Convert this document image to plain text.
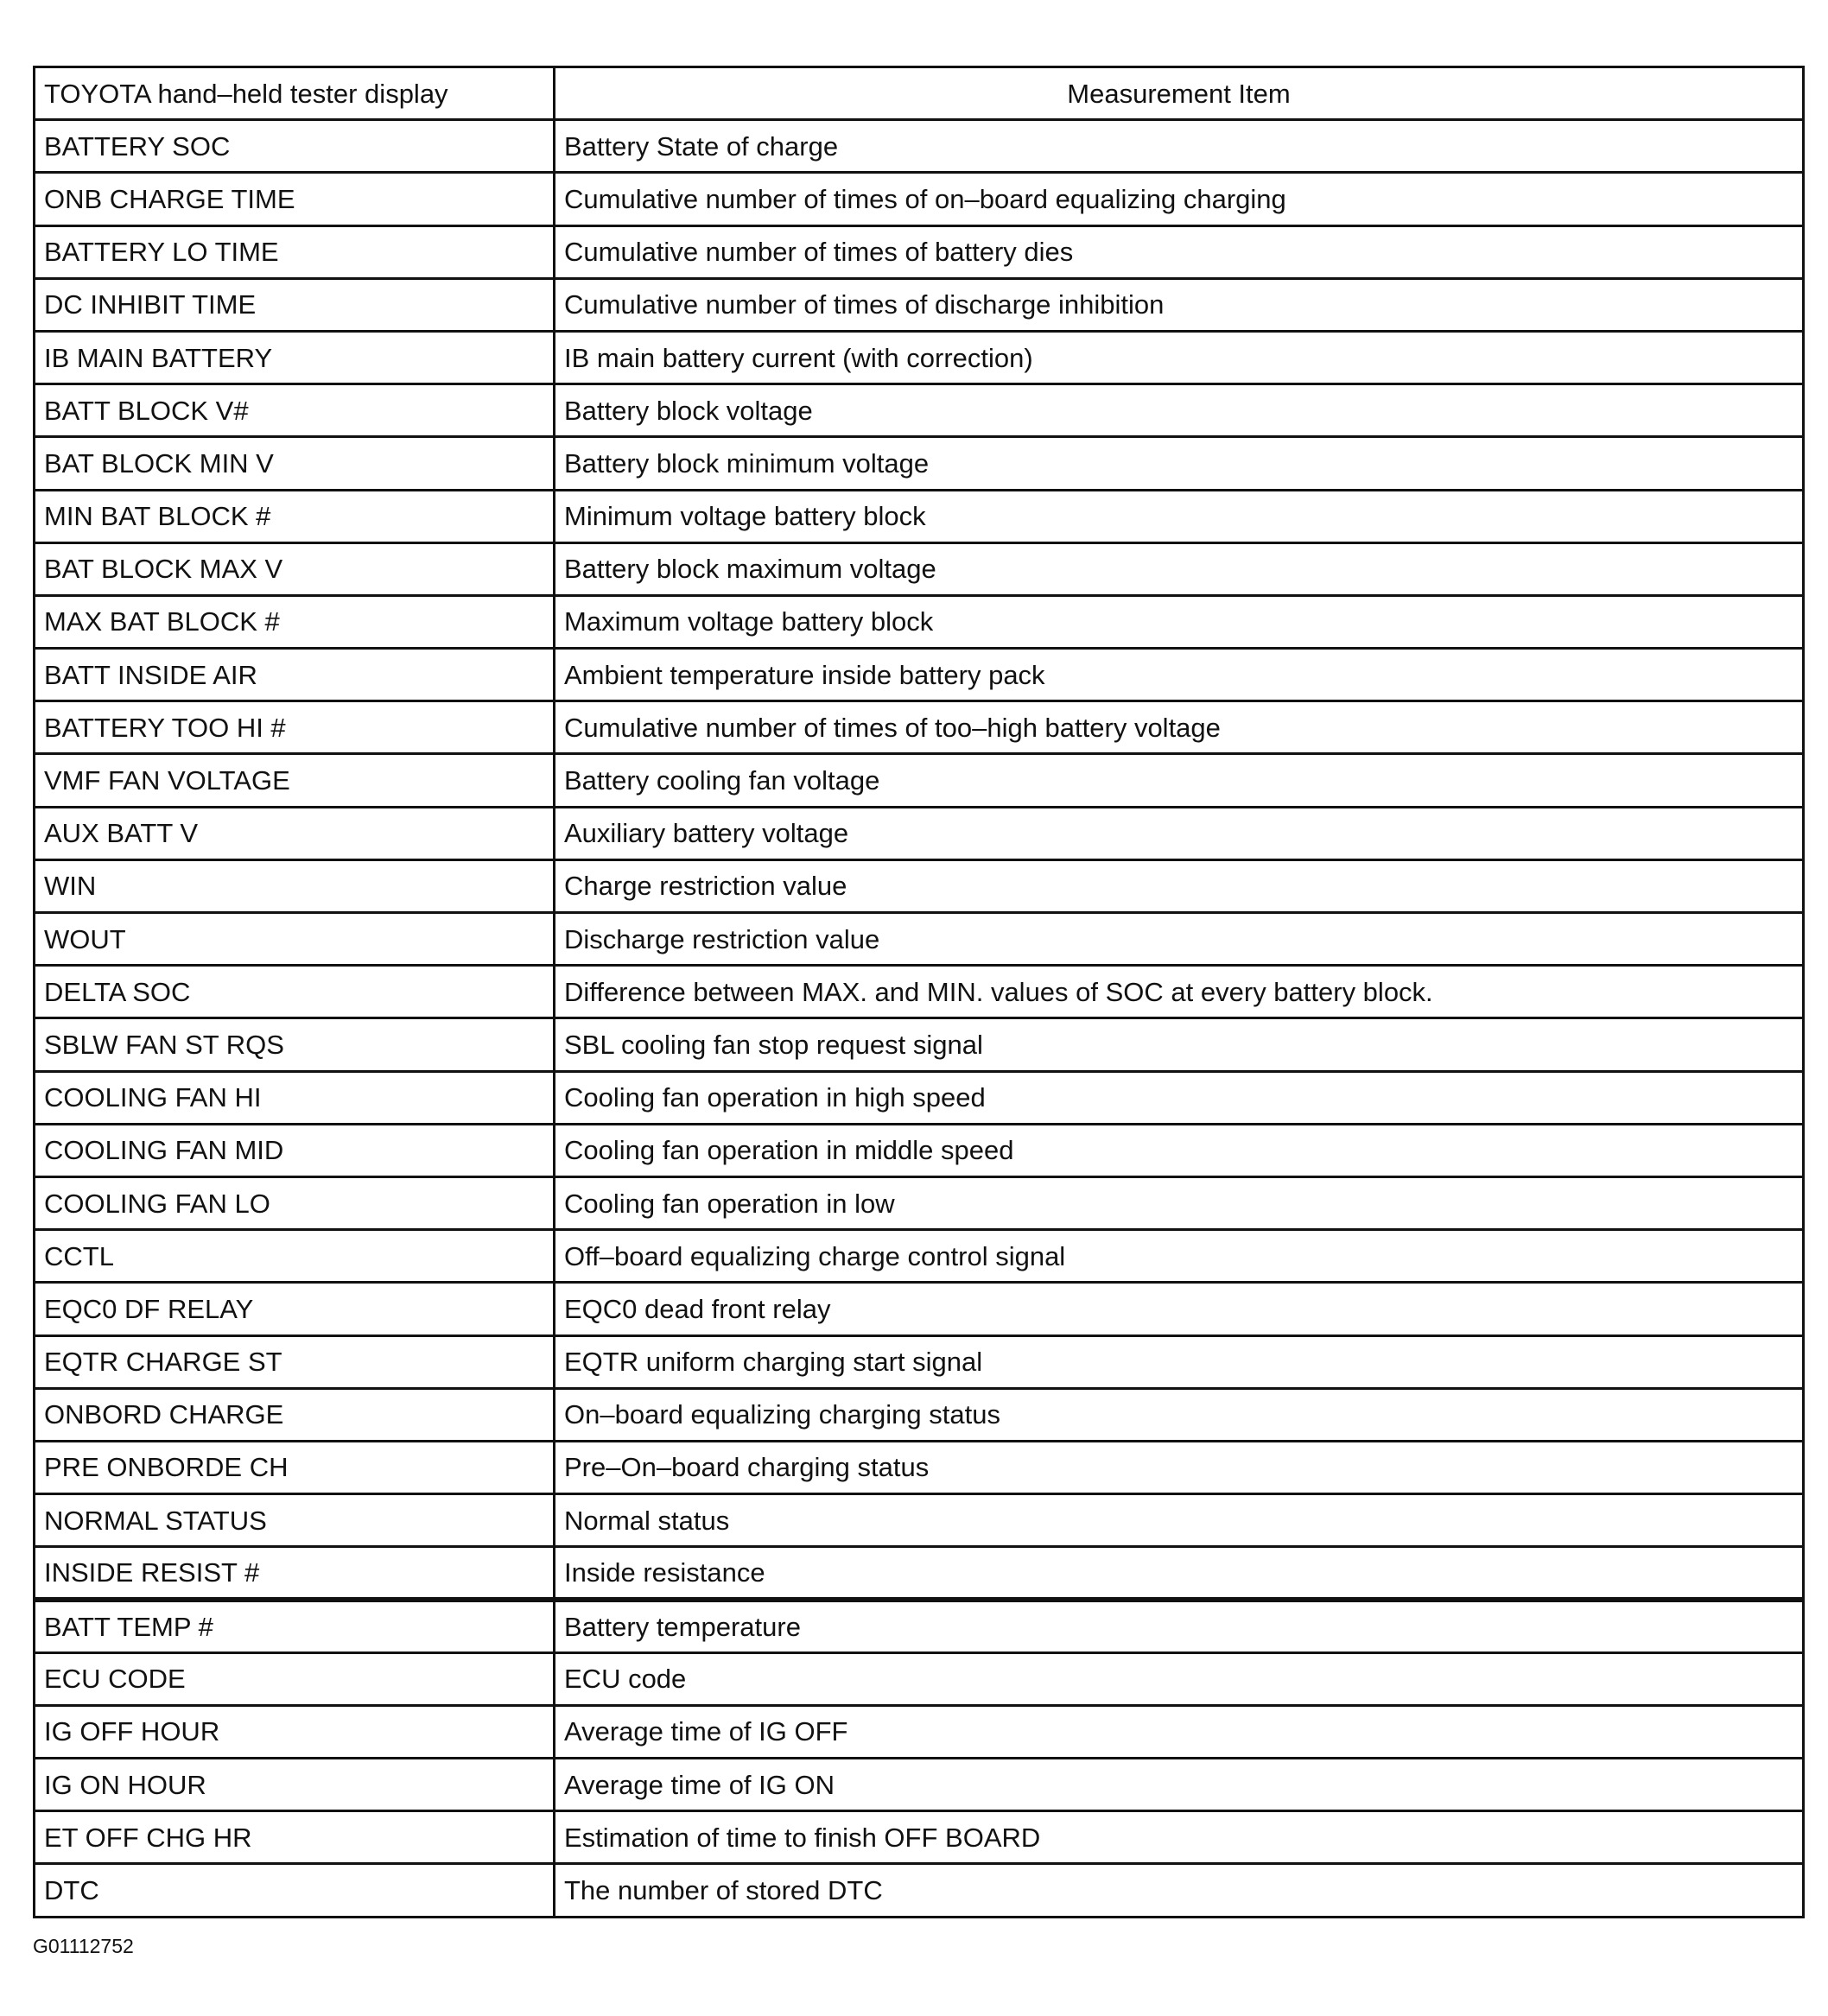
TOYOTA hand–held tester display	Measurement Item
BATTERY SOC	Battery State of charge
ONB CHARGE TIME	Cumulative number of times of on–board equalizing charging
BATTERY LO TIME	Cumulative number of times of battery dies
DC INHIBIT TIME	Cumulative number of times of discharge inhibition
IB MAIN BATTERY	IB main battery current (with correction)
BATT BLOCK V#	Battery block voltage
BAT BLOCK MIN V	Battery block minimum voltage
MIN BAT BLOCK #	Minimum voltage battery block
BAT BLOCK MAX V	Battery block maximum voltage
MAX BAT BLOCK #	Maximum voltage battery block
BATT INSIDE AIR	Ambient temperature inside battery pack
BATTERY TOO HI #	Cumulative number of times of too–high battery voltage
VMF FAN VOLTAGE	Battery cooling fan voltage
AUX BATT V	Auxiliary battery voltage
WIN	Charge restriction value
WOUT	Discharge restriction value
DELTA SOC	Difference between MAX. and MIN. values of SOC at every battery block.
SBLW FAN ST RQS	SBL cooling fan stop request signal
COOLING FAN HI	Cooling fan operation in high speed
COOLING FAN MID	Cooling fan operation in middle speed
COOLING FAN LO	Cooling fan operation in low
CCTL	Off–board equalizing charge control signal
EQC0 DF RELAY	EQC0 dead front relay
EQTR CHARGE ST	EQTR uniform charging start signal
ONBORD CHARGE	On–board equalizing charging status
PRE ONBORDE CH	Pre–On–board charging status
NORMAL STATUS	Normal status
INSIDE RESIST #	Inside resistance
BATT TEMP #	Battery temperature
ECU CODE	ECU code
IG OFF HOUR	Average time of IG OFF
IG ON HOUR	Average time of IG ON
ET OFF CHG HR	Estimation of time to finish OFF BOARD
DTC	The number of stored DTC
G01112752
